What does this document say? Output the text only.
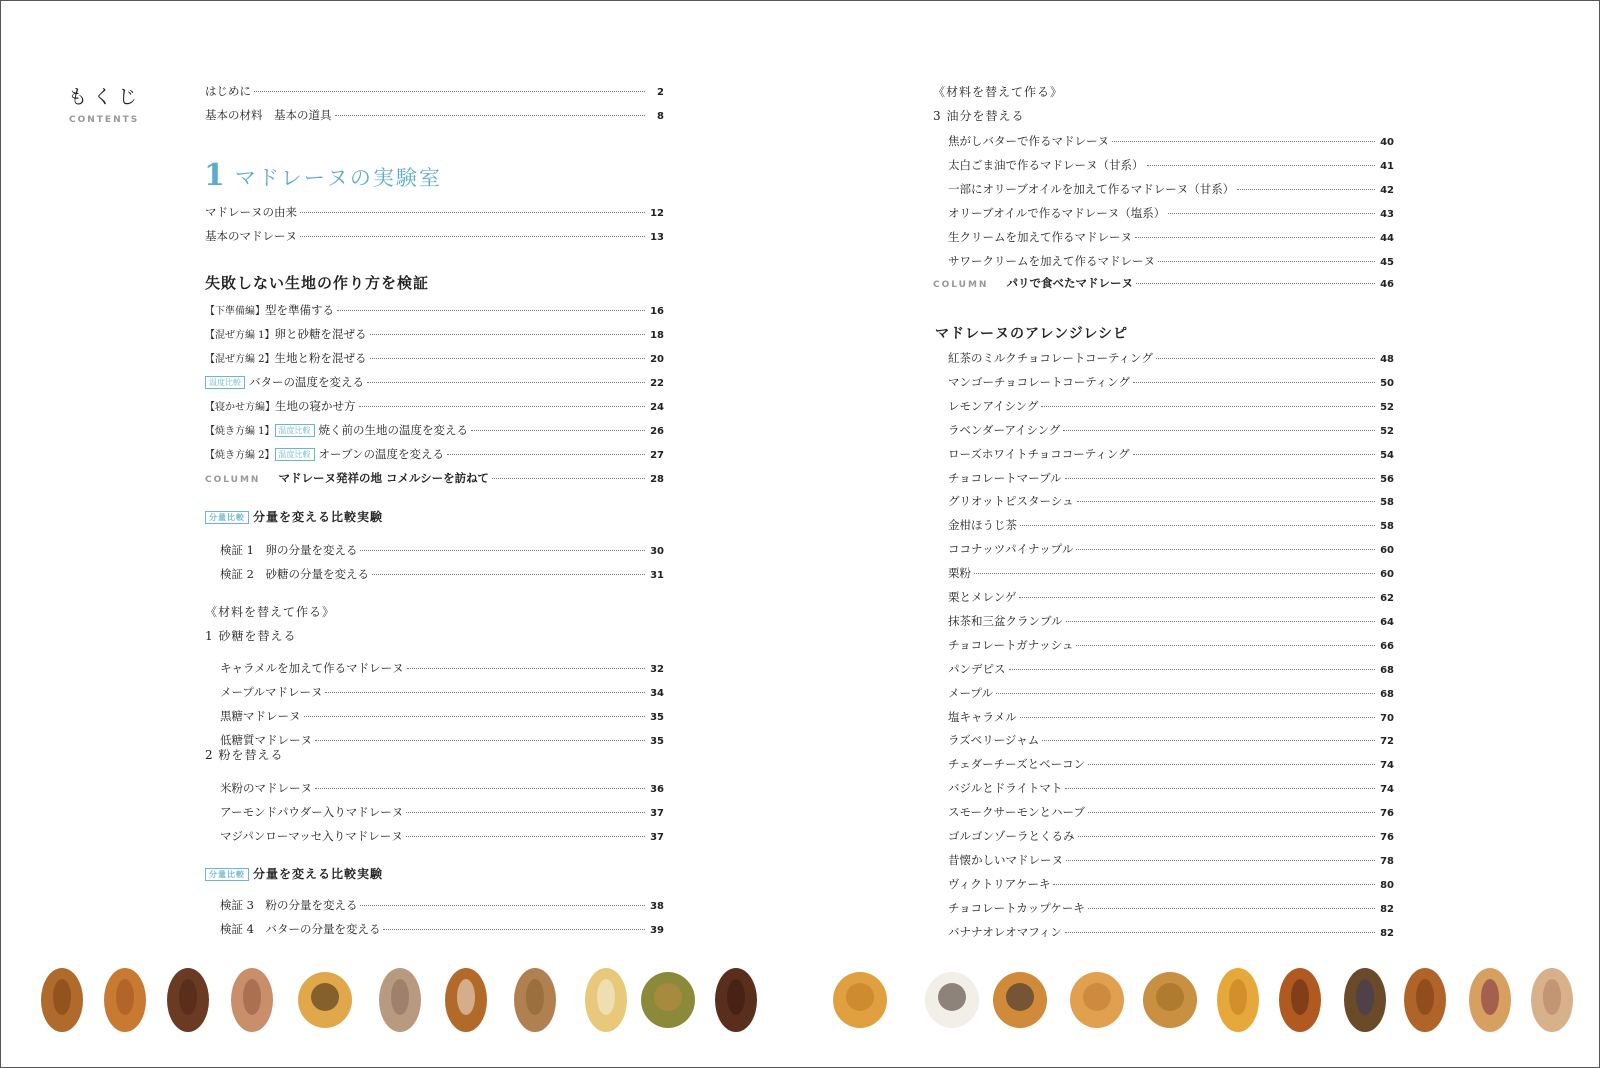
もくじ
CONTENTS
1 マドレーヌの実験室
失敗しない生地の作り方を検証
分量比較 分量を変える比較実験
《材料を替えて作る》
1 砂糖を替える
2 粉を替える
分量比較 分量を変える比較実験
《材料を替えて作る》
3 油分を替える
マドレーヌのアレンジレシピ
はじめに	2
基本の材料　基本の道具	8
マドレーヌの由来	12
基本のマドレーヌ	13
【下準備編】型を準備する	16
【混ぜ方編 1】卵と砂糖を混ぜる	18
【混ぜ方編 2】生地と粉を混ぜる	20
温度比較 バターの温度を変える	22
【寝かせ方編】生地の寝かせ方	24
【焼き方編 1】 温度比較 焼く前の生地の温度を変える	26
【焼き方編 2】 温度比較 オーブンの温度を変える	27
COLUMN マドレーヌ発祥の地 コメルシーを訪ねて	28
検証 1　卵の分量を変える	30
検証 2　砂糖の分量を変える	31
キャラメルを加えて作るマドレーヌ	32
メープルマドレーヌ	34
黒糖マドレーヌ	35
低糖質マドレーヌ	35
米粉のマドレーヌ	36
アーモンドパウダー入りマドレーヌ	37
マジパンローマッセ入りマドレーヌ	37
検証 3　粉の分量を変える	38
検証 4　バターの分量を変える	39
焦がしバターで作るマドレーヌ	40
太白ごま油で作るマドレーヌ（甘系）	41
一部にオリーブオイルを加えて作るマドレーヌ（甘系）	42
オリーブオイルで作るマドレーヌ（塩系）	43
生クリームを加えて作るマドレーヌ	44
サワークリームを加えて作るマドレーヌ	45
COLUMN パリで食べたマドレーヌ	46
紅茶のミルクチョコレートコーティング	48
マンゴーチョコレートコーティング	50
レモンアイシング	52
ラベンダーアイシング	52
ローズホワイトチョココーティング	54
チョコレートマーブル	56
グリオットピスターシュ	58
金柑ほうじ茶	58
ココナッツパイナップル	60
栗粉	60
栗とメレンゲ	62
抹茶和三盆クランブル	64
チョコレートガナッシュ	66
パンデピス	68
メープル	68
塩キャラメル	70
ラズベリージャム	72
チェダーチーズとベーコン	74
バジルとドライトマト	74
スモークサーモンとハーブ	76
ゴルゴンゾーラとくるみ	76
昔懐かしいマドレーヌ	78
ヴィクトリアケーキ	80
チョコレートカップケーキ	82
バナナオレオマフィン	82
